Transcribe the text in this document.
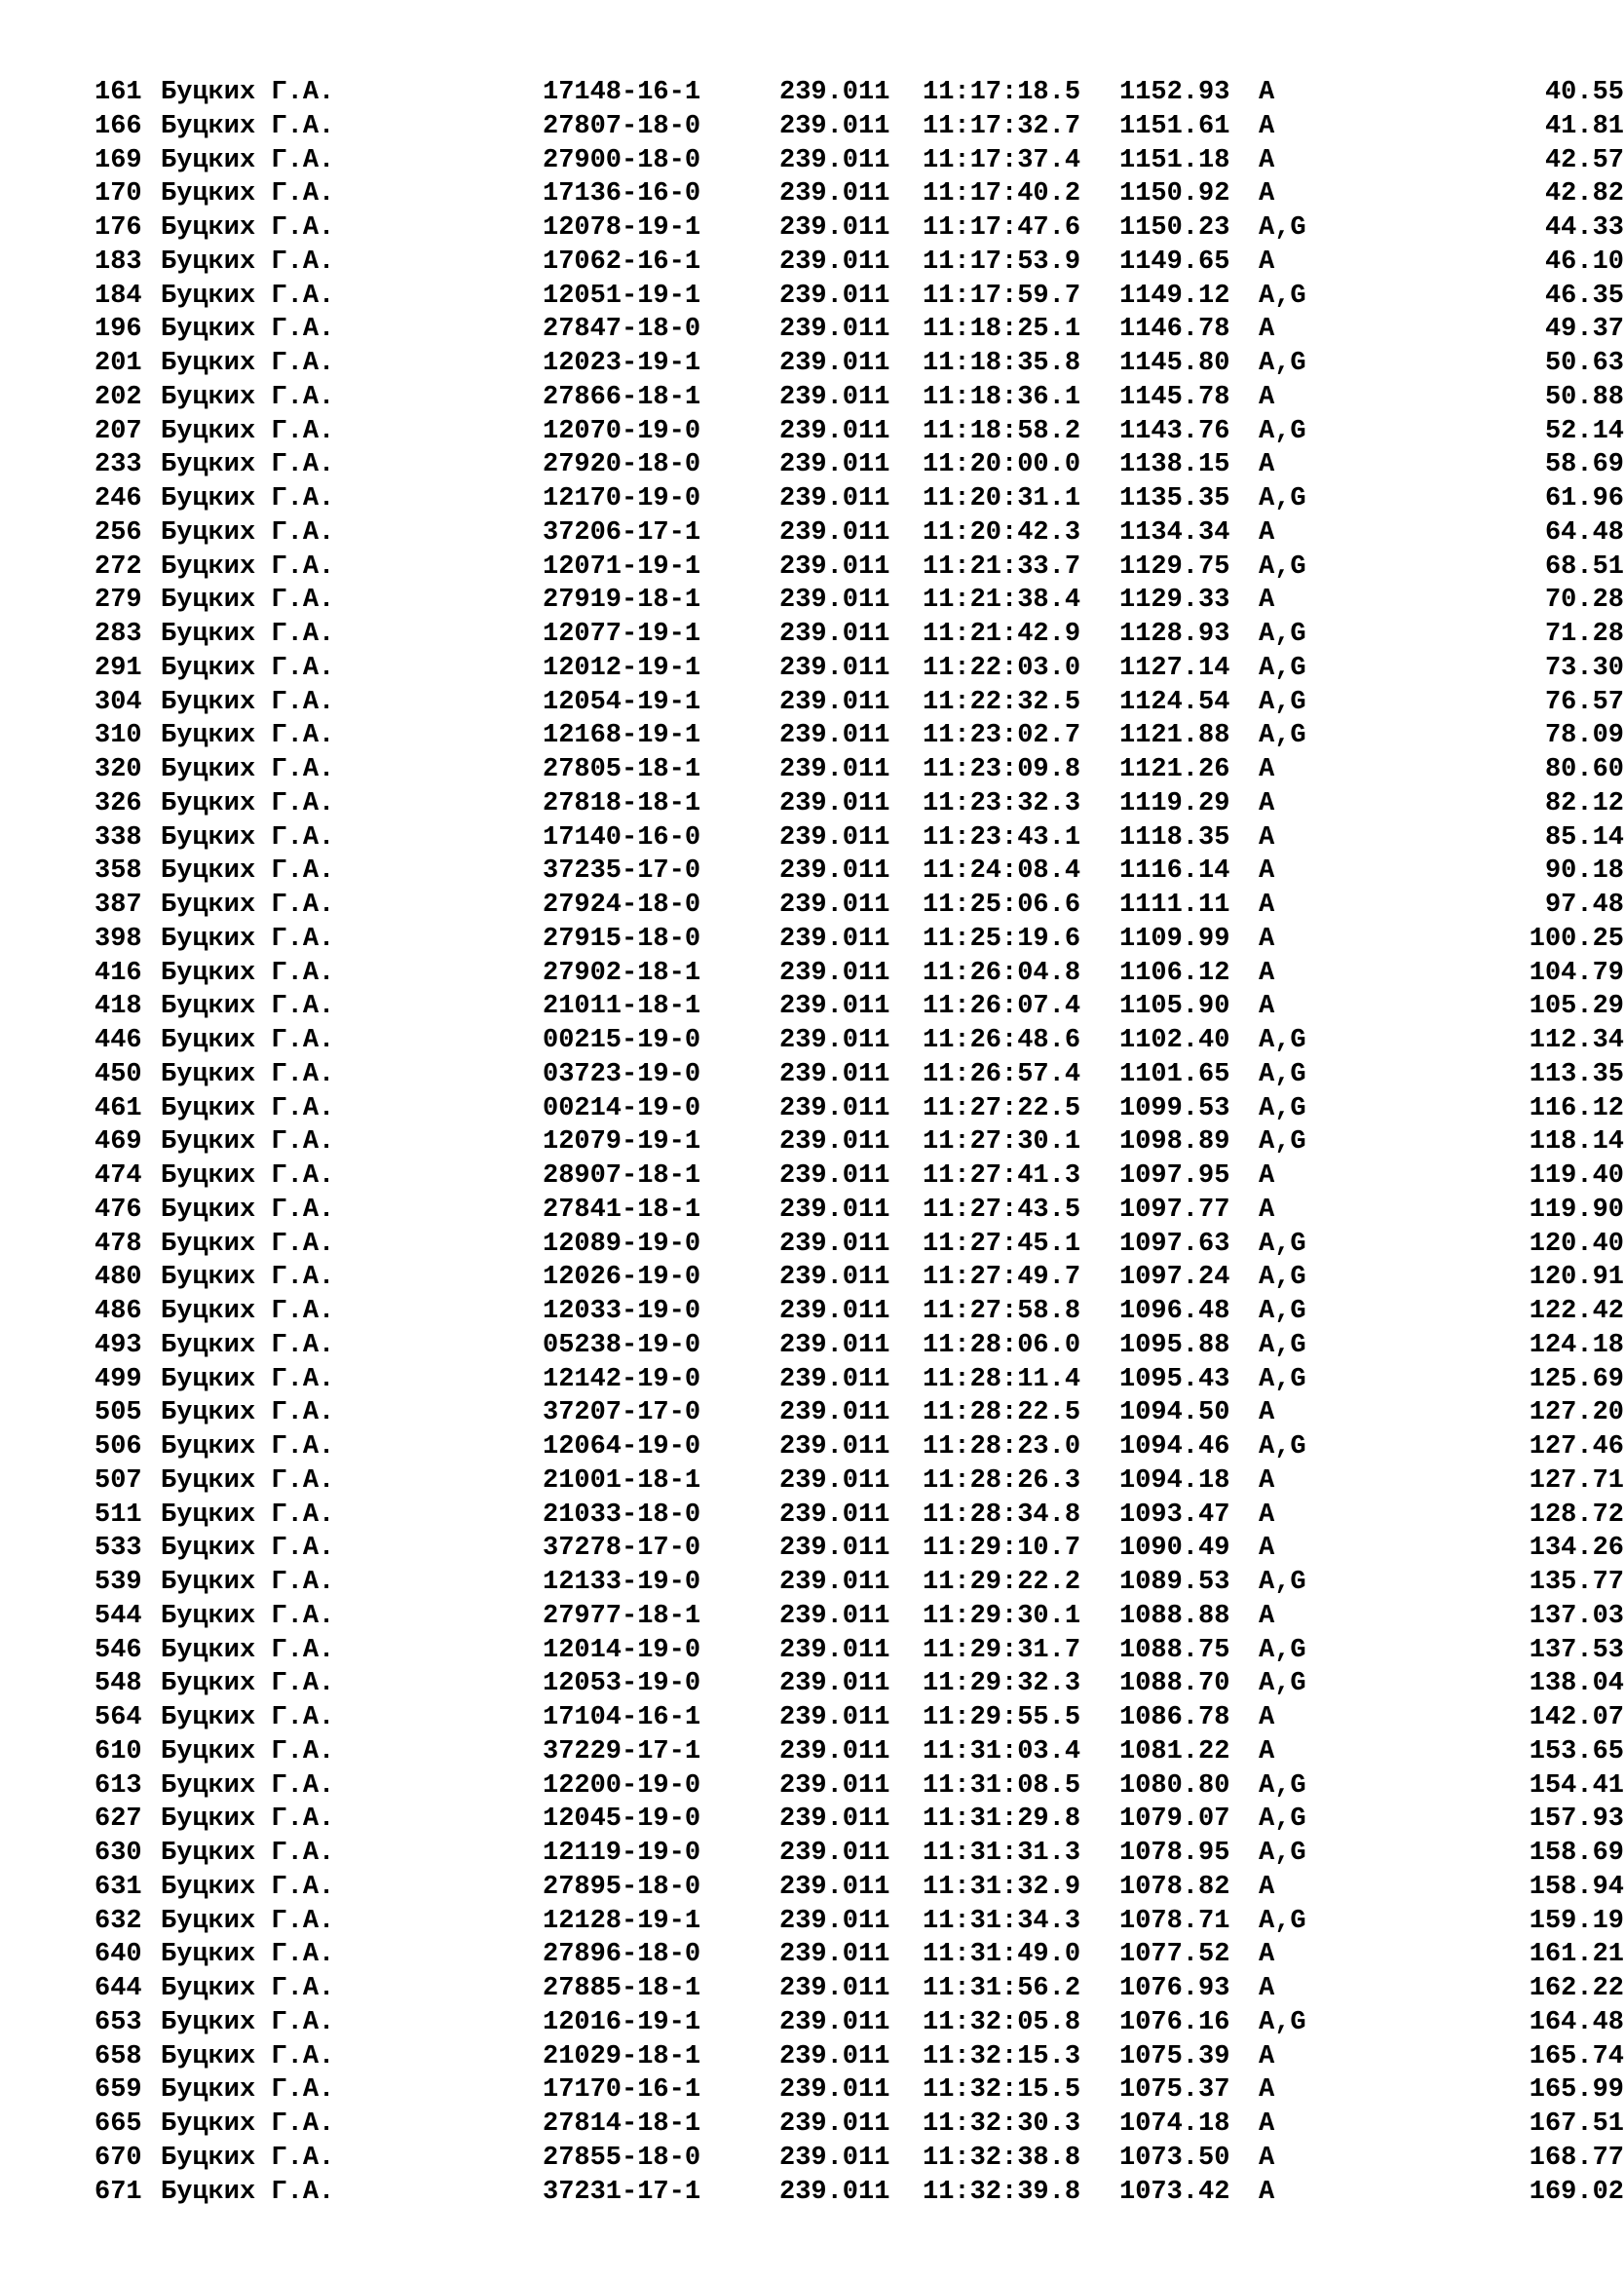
161 Буцких Г.А.	17148-16-1	239.011 11:17:18.5 1152.93 A	40.55
166 Буцких Г.А.	27807-18-0	239.011 11:17:32.7 1151.61 A	41.81
169 Буцких Г.А.	27900-18-0	239.011 11:17:37.4 1151.18 A	42.57
170 Буцких Г.А.	17136-16-0	239.011 11:17:40.2 1150.92 A	42.82
176 Буцких Г.А.	12078-19-1	239.011 11:17:47.6 1150.23 A,G	44.33
183 Буцких Г.А.	17062-16-1	239.011 11:17:53.9 1149.65 A	46.10
184 Буцких Г.А.	12051-19-1	239.011 11:17:59.7 1149.12 A,G	46.35
196 Буцких Г.А.	27847-18-0	239.011 11:18:25.1 1146.78 A	49.37
201 Буцких Г.А.	12023-19-1	239.011 11:18:35.8 1145.80 A,G	50.63
202 Буцких Г.А.	27866-18-1	239.011 11:18:36.1 1145.78 A	50.88
207 Буцких Г.А.	12070-19-0	239.011 11:18:58.2 1143.76 A,G	52.14
233 Буцких Г.А.	27920-18-0	239.011 11:20:00.0 1138.15 A	58.69
246 Буцких Г.А.	12170-19-0	239.011 11:20:31.1 1135.35 A,G	61.96
256 Буцких Г.А.	37206-17-1	239.011 11:20:42.3 1134.34 A	64.48
272 Буцких Г.А.	12071-19-1	239.011 11:21:33.7 1129.75 A,G	68.51
279 Буцких Г.А.	27919-18-1	239.011 11:21:38.4 1129.33 A	70.28
283 Буцких Г.А.	12077-19-1	239.011 11:21:42.9 1128.93 A,G	71.28
291 Буцких Г.А.	12012-19-1	239.011 11:22:03.0 1127.14 A,G	73.30
304 Буцких Г.А.	12054-19-1	239.011 11:22:32.5 1124.54 A,G	76.57
310 Буцких Г.А.	12168-19-1	239.011 11:23:02.7 1121.88 A,G	78.09
320 Буцких Г.А.	27805-18-1	239.011 11:23:09.8 1121.26 A	80.60
326 Буцких Г.А.	27818-18-1	239.011 11:23:32.3 1119.29 A	82.12
338 Буцких Г.А.	17140-16-0	239.011 11:23:43.1 1118.35 A	85.14
358 Буцких Г.А.	37235-17-0	239.011 11:24:08.4 1116.14 A	90.18
387 Буцких Г.А.	27924-18-0	239.011 11:25:06.6 1111.11 A	97.48
398 Буцких Г.А.	27915-18-0	239.011 11:25:19.6 1109.99 A	100.25
416 Буцких Г.А.	27902-18-1	239.011 11:26:04.8 1106.12 A	104.79
418 Буцких Г.А.	21011-18-1	239.011 11:26:07.4 1105.90 A	105.29
446 Буцких Г.А.	00215-19-0	239.011 11:26:48.6 1102.40 A,G	112.34
450 Буцких Г.А.	03723-19-0	239.011 11:26:57.4 1101.65 A,G	113.35
461 Буцких Г.А.	00214-19-0	239.011 11:27:22.5 1099.53 A,G	116.12
469 Буцких Г.А.	12079-19-1	239.011 11:27:30.1 1098.89 A,G	118.14
474 Буцких Г.А.	28907-18-1	239.011 11:27:41.3 1097.95 A	119.40
476 Буцких Г.А.	27841-18-1	239.011 11:27:43.5 1097.77 A	119.90
478 Буцких Г.А.	12089-19-0	239.011 11:27:45.1 1097.63 A,G	120.40
480 Буцких Г.А.	12026-19-0	239.011 11:27:49.7 1097.24 A,G	120.91
486 Буцких Г.А.	12033-19-0	239.011 11:27:58.8 1096.48 A,G	122.42
493 Буцких Г.А.	05238-19-0	239.011 11:28:06.0 1095.88 A,G	124.18
499 Буцких Г.А.	12142-19-0	239.011 11:28:11.4 1095.43 A,G	125.69
505 Буцких Г.А.	37207-17-0	239.011 11:28:22.5 1094.50 A	127.20
506 Буцких Г.А.	12064-19-0	239.011 11:28:23.0 1094.46 A,G	127.46
507 Буцких Г.А.	21001-18-1	239.011 11:28:26.3 1094.18 A	127.71
511 Буцких Г.А.	21033-18-0	239.011 11:28:34.8 1093.47 A	128.72
533 Буцких Г.А.	37278-17-0	239.011 11:29:10.7 1090.49 A	134.26
539 Буцких Г.А.	12133-19-0	239.011 11:29:22.2 1089.53 A,G	135.77
544 Буцких Г.А.	27977-18-1	239.011 11:29:30.1 1088.88 A	137.03
546 Буцких Г.А.	12014-19-0	239.011 11:29:31.7 1088.75 A,G	137.53
548 Буцких Г.А.	12053-19-0	239.011 11:29:32.3 1088.70 A,G	138.04
564 Буцких Г.А.	17104-16-1	239.011 11:29:55.5 1086.78 A	142.07
610 Буцких Г.А.	37229-17-1	239.011 11:31:03.4 1081.22 A	153.65
613 Буцких Г.А.	12200-19-0	239.011 11:31:08.5 1080.80 A,G	154.41
627 Буцких Г.А.	12045-19-0	239.011 11:31:29.8 1079.07 A,G	157.93
630 Буцких Г.А.	12119-19-0	239.011 11:31:31.3 1078.95 A,G	158.69
631 Буцких Г.А.	27895-18-0	239.011 11:31:32.9 1078.82 A	158.94
632 Буцких Г.А.	12128-19-1	239.011 11:31:34.3 1078.71 A,G	159.19
640 Буцких Г.А.	27896-18-0	239.011 11:31:49.0 1077.52 A	161.21
644 Буцких Г.А.	27885-18-1	239.011 11:31:56.2 1076.93 A	162.22
653 Буцких Г.А.	12016-19-1	239.011 11:32:05.8 1076.16 A,G	164.48
658 Буцких Г.А.	21029-18-1	239.011 11:32:15.3 1075.39 A	165.74
659 Буцких Г.А.	17170-16-1	239.011 11:32:15.5 1075.37 A	165.99
665 Буцких Г.А.	27814-18-1	239.011 11:32:30.3 1074.18 A	167.51
670 Буцких Г.А.	27855-18-0	239.011 11:32:38.8 1073.50 A	168.77
671 Буцких Г.А.	37231-17-1	239.011 11:32:39.8 1073.42 A	169.02
